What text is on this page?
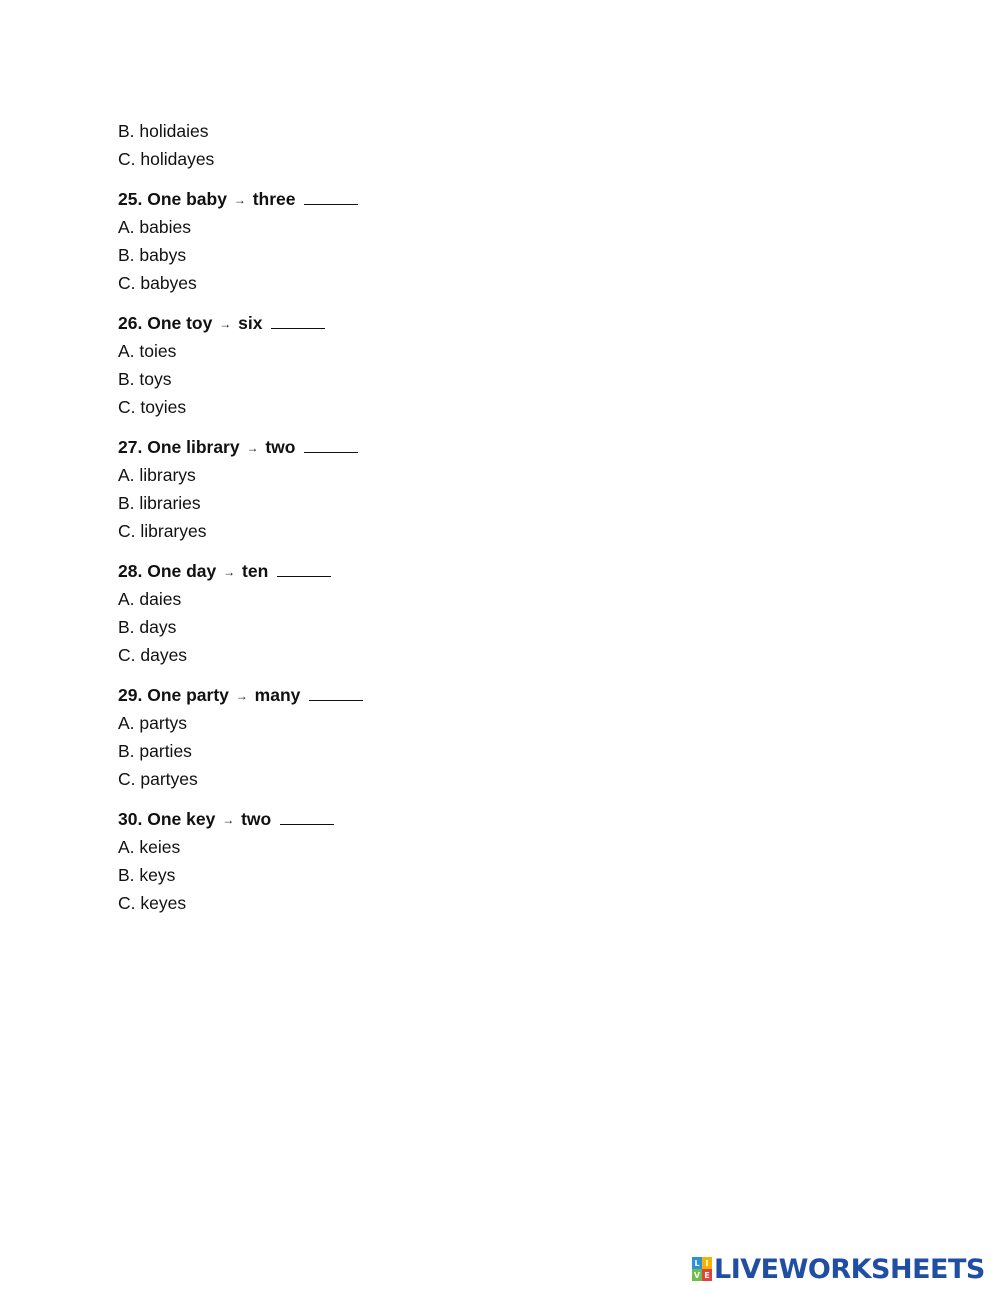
B. holidaies
C. holidayes
25. One baby → three
A. babies
B. babys
C. babyes
26. One toy → six
A. toies
B. toys
C. toyies
27. One library → two
A. librarys
B. libraries
C. libraryes
28. One day → ten
A. daies
B. days
C. dayes
29. One party → many
A. partys
B. parties
C. partyes
30. One key → two
A. keies
B. keys
C. keyes
L I
V E LIVEWORKSHEETS
